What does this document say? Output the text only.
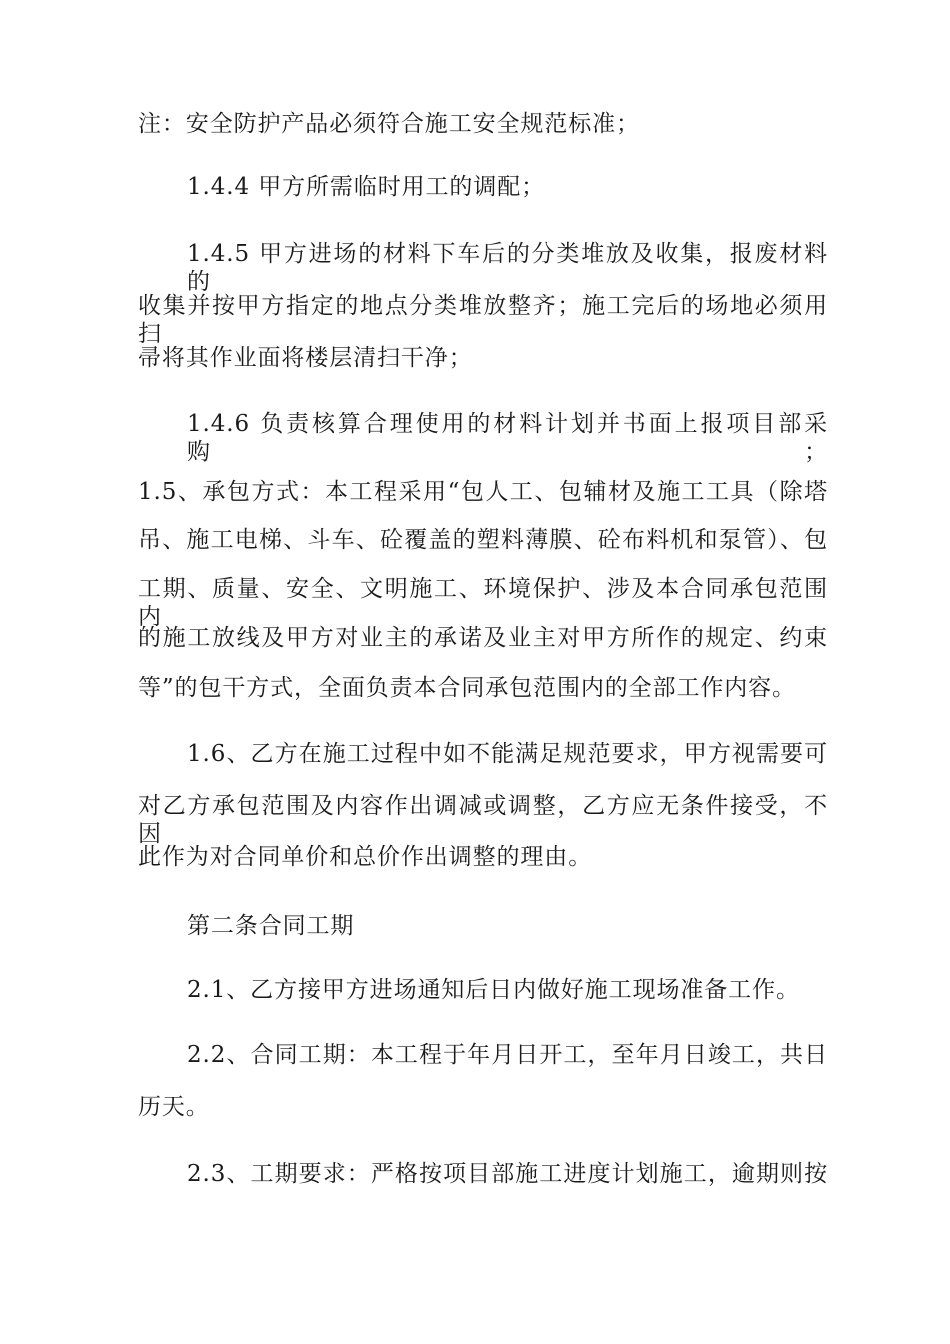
注：安全防护产品必须符合施工安全规范标准；
1.4.4 甲方所需临时用工的调配；
1.4.5 甲方进场的材料下车后的分类堆放及收集，报废材料的
收集并按甲方指定的地点分类堆放整齐；施工完后的场地必须用扫
帚将其作业面将楼层清扫干净；
1.4.6 负责核算合理使用的材料计划并书面上报项目部采购；
1.5、承包方式：本工程采用“包人工、包辅材及施工工具（除塔
吊、施工电梯、斗车、砼覆盖的塑料薄膜、砼布料机和泵管）、包
工期、质量、安全、文明施工、环境保护、涉及本合同承包范围内
的施工放线及甲方对业主的承诺及业主对甲方所作的规定、约束
等”的包干方式，全面负责本合同承包范围内的全部工作内容。
1.6、乙方在施工过程中如不能满足规范要求，甲方视需要可
对乙方承包范围及内容作出调减或调整，乙方应无条件接受，不因
此作为对合同单价和总价作出调整的理由。
第二条合同工期
2.1、乙方接甲方进场通知后日内做好施工现场准备工作。
2.2、合同工期：本工程于年月日开工，至年月日竣工，共日
历天。
2.3、工期要求：严格按项目部施工进度计划施工，逾期则按
